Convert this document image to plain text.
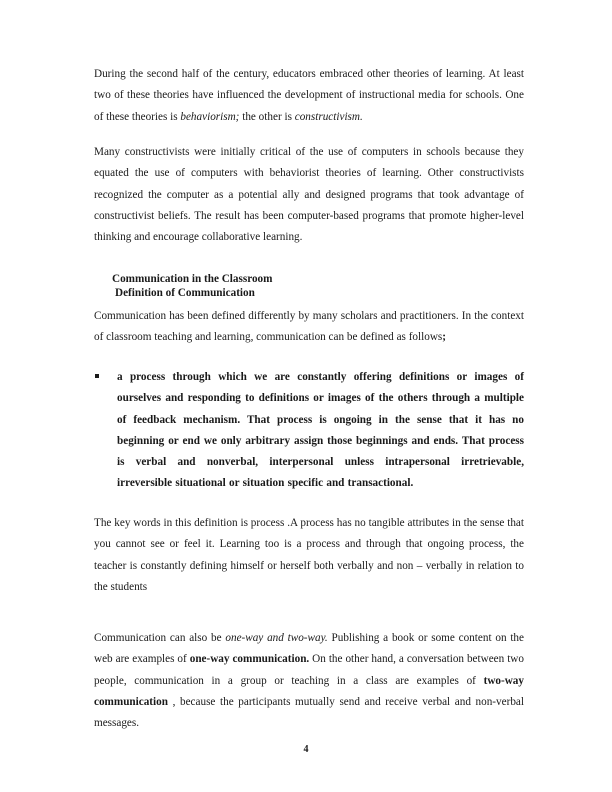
During the second half of the century, educators embraced other theories of learning. At least two of these theories have influenced the development of instructional media for schools. One of these theories is behaviorism; the other is constructivism.

Many constructivists were initially critical of the use of computers in schools because they equated the use of computers with behaviorist theories of learning. Other constructivists recognized the computer as a potential ally and designed programs that took advantage of constructivist beliefs. The result has been computer-based programs that promote higher-level thinking and encourage collaborative learning.

Communication in the Classroom
Definition of Communication

Communication has been defined differently by many scholars and practitioners. In the context of classroom teaching and learning, communication can be defined as follows;

a process through which we are constantly offering definitions or images of ourselves and responding to definitions or images of the others through a multiple of feedback mechanism. That process is ongoing in the sense that it has no beginning or end we only arbitrary assign those beginnings and ends. That process is verbal and nonverbal, interpersonal unless intrapersonal irretrievable, irreversible situational or situation specific and transactional.

The key words in this definition is process .A process has no tangible attributes in the sense that you cannot see or feel it. Learning too is a process and through that ongoing process, the teacher is constantly defining himself or herself both verbally and non – verbally in relation to the students

Communication can also be one-way and two-way. Publishing a book or some content on the web are examples of one-way communication. On the other hand, a conversation between two people, communication in a group or teaching in a class are examples of two-way communication , because the participants mutually send and receive verbal and non-verbal messages.

4
